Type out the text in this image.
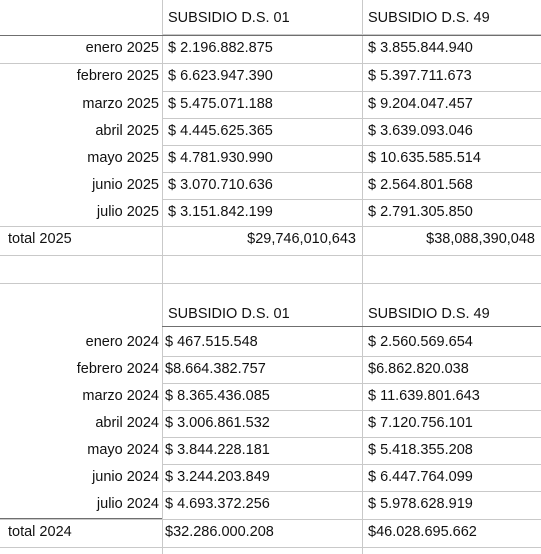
SUBSIDIO D.S. 01	SUBSIDIO D.S. 49
enero 2025 $ 2.196.882.875	$ 3.855.844.940
febrero 2025 $ 6.623.947.390	$ 5.397.711.673
marzo 2025 $ 5.475.071.188	$ 9.204.047.457
abril 2025 $ 4.445.625.365	$ 3.639.093.046
mayo 2025 $ 4.781.930.990	$ 10.635.585.514
junio 2025 $ 3.070.710.636	$ 2.564.801.568
julio 2025 $ 3.151.842.199	$ 2.791.305.850
total 2025	$29,746,010,643	$38,088,390,048
SUBSIDIO D.S. 01	SUBSIDIO D.S. 49
enero 2024 $ 467.515.548	$ 2.560.569.654
febrero 2024 $8.664.382.757	$6.862.820.038
marzo 2024 $ 8.365.436.085	$ 11.639.801.643
abril 2024 $ 3.006.861.532	$ 7.120.756.101
mayo 2024 $ 3.844.228.181	$ 5.418.355.208
junio 2024 $ 3.244.203.849	$ 6.447.764.099
julio 2024 $ 4.693.372.256	$ 5.978.628.919
total 2024	$32.286.000.208	$46.028.695.662
